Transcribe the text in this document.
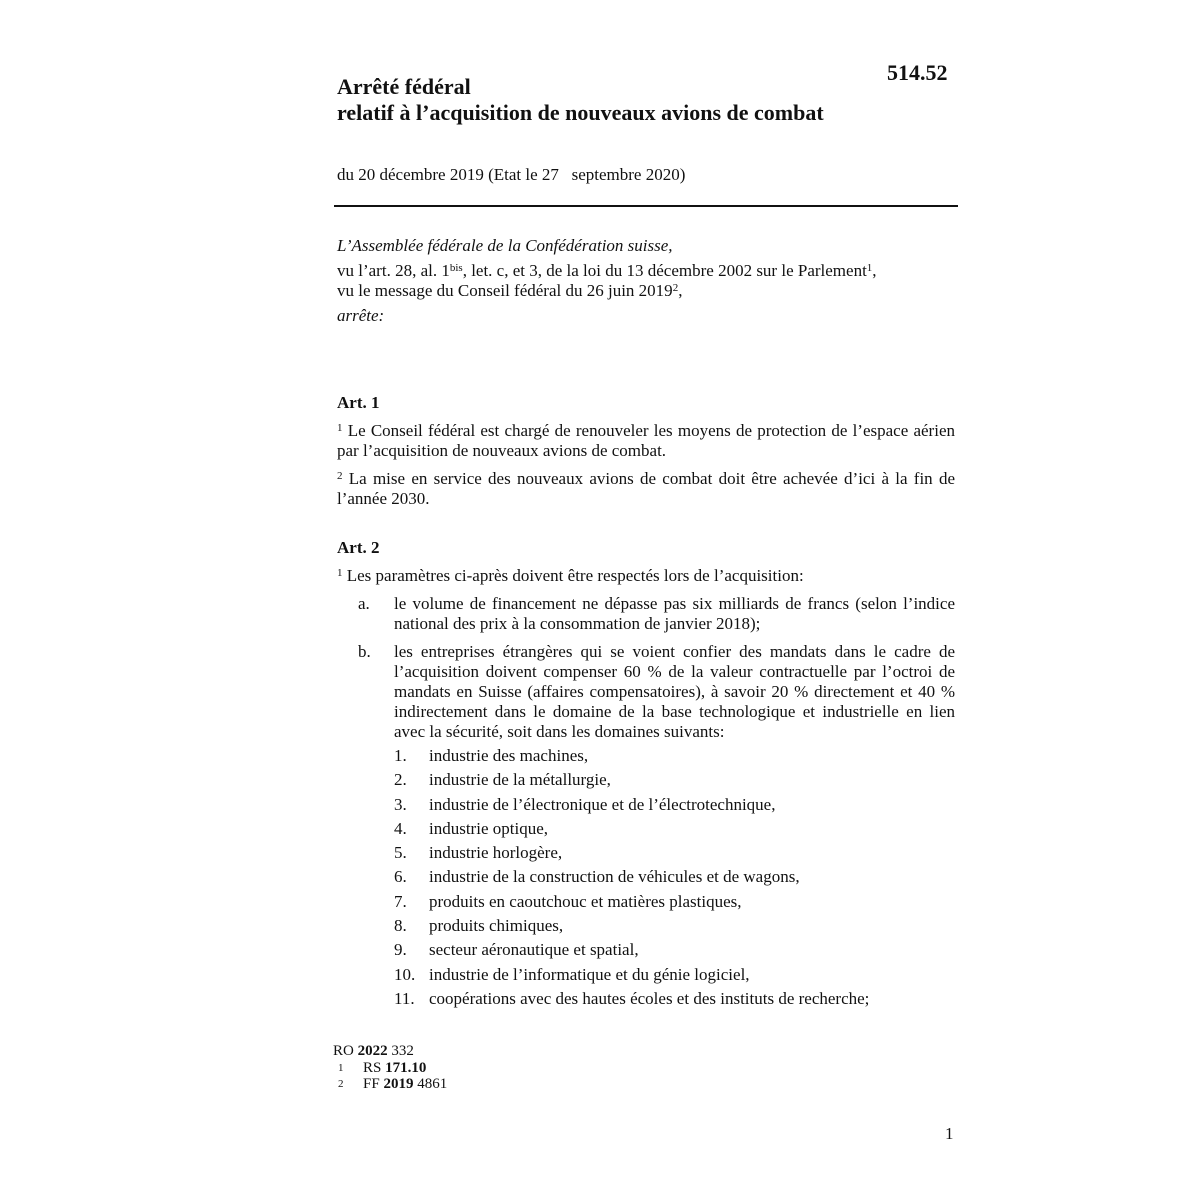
514.52
Arrêté fédéral
relatif à l’acquisition de nouveaux avions de combat
du 20 décembre 2019 (Etat le 27   septembre 2020)
L’Assemblée fédérale de la Confédération suisse,
vu l’art. 28, al. $1^{bis}$, let. c, et 3, de la loi du 13 décembre 2002 sur le Parlement$^1$,
vu le message du Conseil fédéral du 26 juin 2019$^2$,
arrête:
Art. 1
$^1$ Le Conseil fédéral est chargé de renouveler les moyens de protection de l’espace aérien par l’acquisition de nouveaux avions de combat.
$^2$ La mise en service des nouveaux avions de combat doit être achevée d’ici à la fin de l’année 2030.
Art. 2
$^1$ Les paramètres ci-après doivent être respectés lors de l’acquisition:
a.	le volume de financement ne dépasse pas six milliards de francs (selon l’indice national des prix à la consommation de janvier 2018);
b.	les entreprises étrangères qui se voient confier des mandats dans le cadre de l’acquisition doivent compenser 60 % de la valeur contractuelle par l’octroi de mandats en Suisse (affaires compensatoires), à savoir 20 % directement et 40 % indirectement dans le domaine de la base technologique et industrielle en lien avec la sécurité, soit dans les domaines suivants:
1.	industrie des machines,
2.	industrie de la métallurgie,
3.	industrie de l’électronique et de l’électrotechnique,
4.	industrie optique,
5.	industrie horlogère,
6.	industrie de la construction de véhicules et de wagons,
7.	produits en caoutchouc et matières plastiques,
8.	produits chimiques,
9.	secteur aéronautique et spatial,
10. industrie de l’informatique et du génie logiciel,
11. coopérations avec des hautes écoles et des instituts de recherche;
RO 2022 332
1	RS 171.10
2	FF 2019 4861
1
